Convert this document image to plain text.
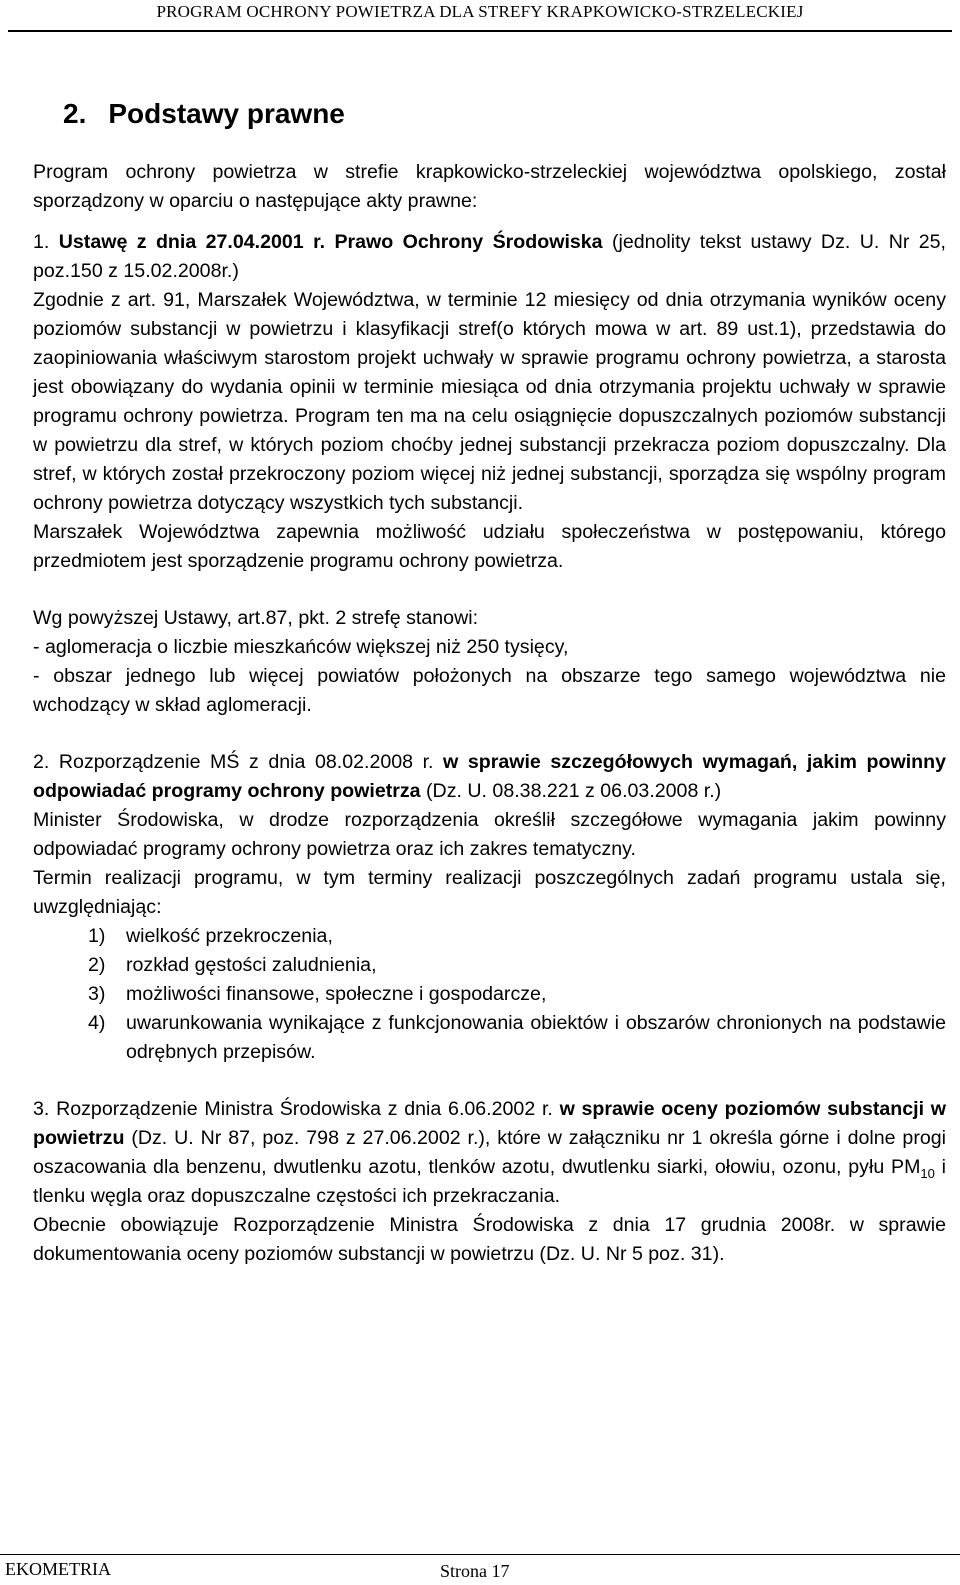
PROGRAM OCHRONY POWIETRZA DLA STREFY KRAPKOWICKO-STRZELECKIEJ
2. Podstawy prawne

Program ochrony powietrza w strefie krapkowicko-strzeleckiej województwa opolskiego, został sporządzony w oparciu o następujące akty prawne:

1. Ustawę z dnia 27.04.2001 r. Prawo Ochrony Środowiska (jednolity tekst ustawy Dz. U. Nr 25, poz.150 z 15.02.2008r.)

Zgodnie z art. 91, Marszałek Województwa, w terminie 12 miesięcy od dnia otrzymania wyników oceny poziomów substancji w powietrzu i klasyfikacji stref(o których mowa w art. 89 ust.1), przedstawia do zaopiniowania właściwym starostom projekt uchwały w sprawie programu ochrony powietrza, a starosta jest obowiązany do wydania opinii w terminie miesiąca od dnia otrzymania projektu uchwały w sprawie programu ochrony powietrza. Program ten ma na celu osiągnięcie dopuszczalnych poziomów substancji w powietrzu dla stref, w których poziom choćby jednej substancji przekracza poziom dopuszczalny. Dla stref, w których został przekroczony poziom więcej niż jednej substancji, sporządza się wspólny program ochrony powietrza dotyczący wszystkich tych substancji.

Marszałek Województwa zapewnia możliwość udziału społeczeństwa w postępowaniu, którego przedmiotem jest sporządzenie programu ochrony powietrza.

Wg powyższej Ustawy, art.87, pkt. 2 strefę stanowi:

- aglomeracja o liczbie mieszkańców większej niż 250 tysięcy,

- obszar jednego lub więcej powiatów położonych na obszarze tego samego województwa nie wchodzący w skład aglomeracji.

2. Rozporządzenie MŚ z dnia 08.02.2008 r. w sprawie szczegółowych wymagań, jakim powinny odpowiadać programy ochrony powietrza (Dz. U. 08.38.221 z 06.03.2008 r.)

Minister Środowiska, w drodze rozporządzenia określił szczegółowe wymagania jakim powinny odpowiadać programy ochrony powietrza oraz ich zakres tematyczny.

Termin realizacji programu, w tym terminy realizacji poszczególnych zadań programu ustala się, uwzględniając:

1)	wielkość przekroczenia,
2)	rozkład gęstości zaludnienia,
3)	możliwości finansowe, społeczne i gospodarcze,
4)	uwarunkowania wynikające z funkcjonowania obiektów i obszarów chronionych na podstawie odrębnych przepisów.

3. Rozporządzenie Ministra Środowiska z dnia 6.06.2002 r. w sprawie oceny poziomów substancji w powietrzu (Dz. U. Nr 87, poz. 798 z 27.06.2002 r.), które w załączniku nr 1 określa górne i dolne progi oszacowania dla benzenu, dwutlenku azotu, tlenków azotu, dwutlenku siarki, ołowiu, ozonu, pyłu $PM_{10}$ i tlenku węgla oraz dopuszczalne częstości ich przekraczania.

Obecnie obowiązuje Rozporządzenie Ministra Środowiska z dnia 17 grudnia 2008r. w sprawie dokumentowania oceny poziomów substancji w powietrzu (Dz. U. Nr 5 poz. 31).

EKOMETRIA	Strona 17
